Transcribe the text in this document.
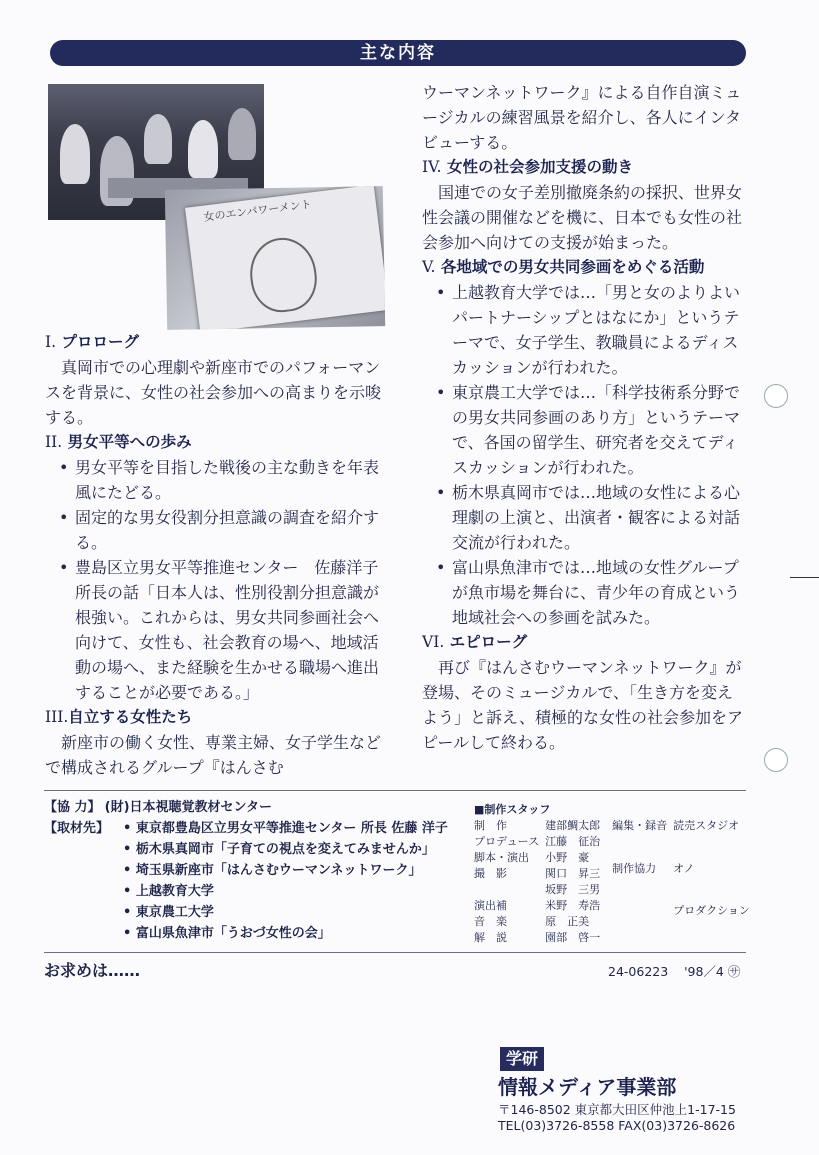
主な内容
女のエンパワーメント

I. プロローグ

真岡市での心理劇や新座市でのパフォーマンスを背景に、女性の社会参加への高まりを示唆する。

II. 男女平等への歩み

• 男女平等を目指した戦後の主な動きを年表風にたどる。
• 固定的な男女役割分担意識の調査を紹介する。
• 豊島区立男女平等推進センター　佐藤洋子所長の話「日本人は、性別役割分担意識が根強い。これからは、男女共同参画社会へ向けて、女性も、社会教育の場へ、地域活動の場へ、また経験を生かせる職場へ進出することが必要である。」

III.自立する女性たち

新座市の働く女性、専業主婦、女子学生などで構成されるグループ『はんさむ

ウーマンネットワーク』による自作自演ミュージカルの練習風景を紹介し、各人にインタビューする。

IV. 女性の社会参加支援の動き

国連での女子差別撤廃条約の採択、世界女性会議の開催などを機に、日本でも女性の社会参加へ向けての支援が始まった。

V. 各地域での男女共同参画をめぐる活動

• 上越教育大学では…「男と女のよりよいパートナーシップとはなにか」というテーマで、女子学生、教職員によるディスカッションが行われた。
• 東京農工大学では…「科学技術系分野での男女共同参画のあり方」というテーマで、各国の留学生、研究者を交えてディスカッションが行われた。
• 栃木県真岡市では…地域の女性による心理劇の上演と、出演者・観客による対話交流が行われた。
• 富山県魚津市では…地域の女性グループが魚市場を舞台に、青少年の育成という地域社会への参画を試みた。

VI. エピローグ

再び『はんさむウーマンネットワーク』が登場、そのミュージカルで、「生き方を変えよう」と訴え、積極的な女性の社会参加をアピールして終わる。

【協 力】 (財)日本視聴覚教材センター
【取材先】	• 東京都豊島区立男女平等推進センター 所長 佐藤 洋子
• 栃木県真岡市「子育ての視点を変えてみませんか」
• 埼玉県新座市「はんさむウーマンネットワーク」
• 上越教育大学
• 東京農工大学
• 富山県魚津市「うおづ女性の会」
■制作スタッフ
制　作	建部鯛太郎
プロデュース	江藤　征治
脚本・演出	小野　豪
撮　影	関口　昇三
	坂野　三男
演出補	米野　寿浩
音　楽	原　正美
解　説	園部　啓一
編集・録音	読売スタジオ
制作協力	オノ
	プロダクション
お求めは……	24-06223 '98／4 ㋚
学研
情報メディア事業部
〒146-8502 東京都大田区仲池上1-17-15
TEL(03)3726-8558 FAX(03)3726-8626
